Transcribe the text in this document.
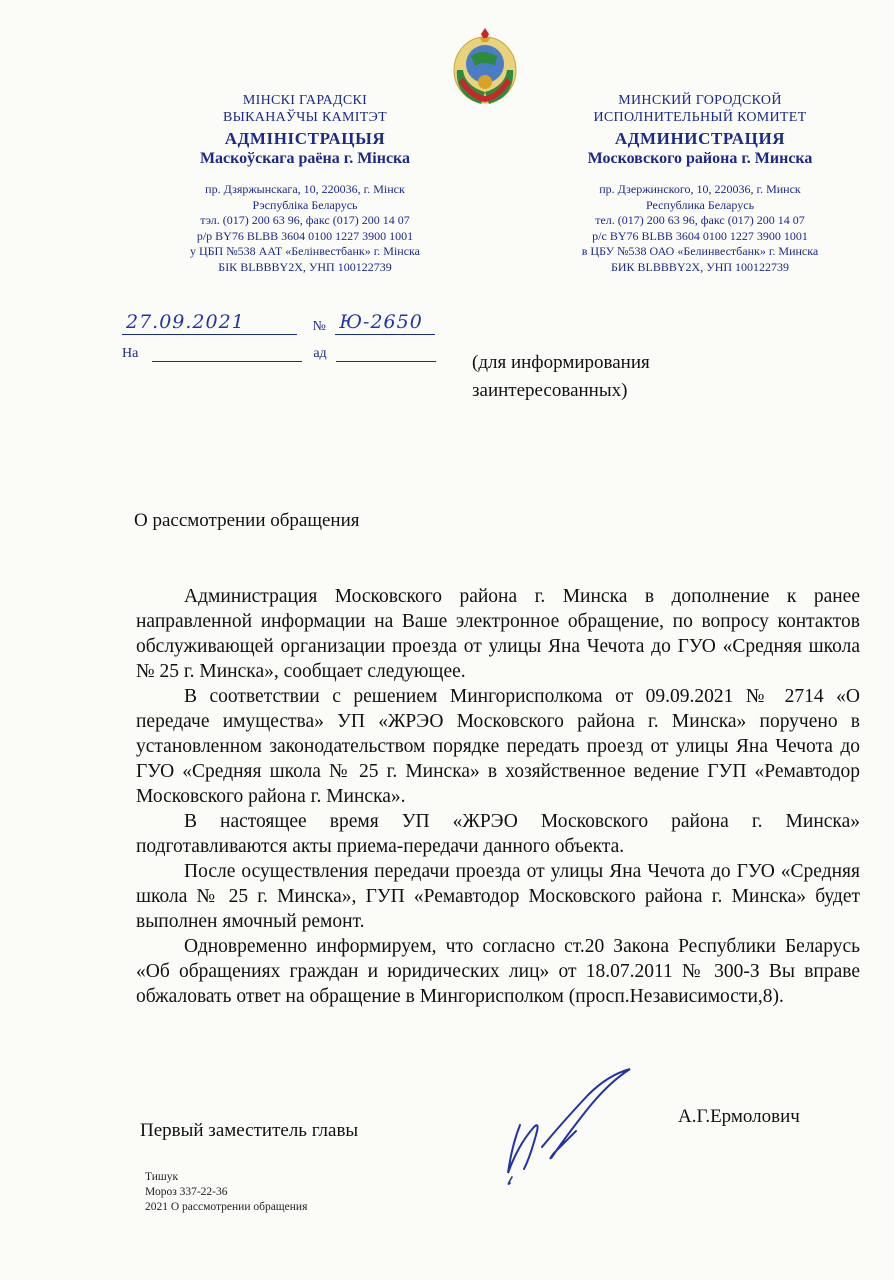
МІНСКІ ГАРАДСКІ
ВЫКАНАЎЧЫ КАМІТЭТ
АДМІНІСТРАЦЫЯ
Маскоўскага раёна г. Мінска
пр. Дзяржынскага, 10, 220036, г. Мінск
Рэспубліка Беларусь
тэл. (017) 200 63 96, факс (017) 200 14 07
р/р BY76 BLBB 3604 0100 1227 3900 1001
у ЦБП №538 ААТ «Белінвестбанк» г. Мінска
БІК BLBBBY2X, УНП 100122739
МИНСКИЙ ГОРОДСКОЙ
ИСПОЛНИТЕЛЬНЫЙ КОМИТЕТ
АДМИНИСТРАЦИЯ
Московского района г. Минска
пр. Дзержинского, 10, 220036, г. Минск
Республика Беларусь
тел. (017) 200 63 96, факс (017) 200 14 07
р/с BY76 BLBB 3604 0100 1227 3900 1001
в ЦБУ №538 ОАО «Белинвестбанк» г. Минска
БИК BLBBBY2X, УНП 100122739
27.09.2021	№ Ю-2650
На	ад	(для информирования
заинтересованных)
О рассмотрении обращения

Администрация Московского района г. Минска в дополнение к ранее направленной информации на Ваше электронное обращение, по вопросу контактов обслуживающей организации проезда от улицы Яна Чечота до ГУО «Средняя школа № 25 г. Минска», сообщает следующее.

В соответствии с решением Мингорисполкома от 09.09.2021 № 2714 «О передаче имущества» УП «ЖРЭО Московского района г. Минска» поручено в установленном законодательством порядке передать проезд от улицы Яна Чечота до ГУО «Средняя школа № 25 г. Минска» в хозяйственное ведение ГУП «Ремавтодор Московского района г. Минска».

В настоящее время УП «ЖРЭО Московского района г. Минска» подготавливаются акты приема-передачи данного объекта.

После осуществления передачи проезда от улицы Яна Чечота до ГУО «Средняя школа № 25 г. Минска», ГУП «Ремавтодор Московского района г. Минска» будет выполнен ямочный ремонт.

Одновременно информируем, что согласно ст.20 Закона Республики Беларусь «Об обращениях граждан и юридических лиц» от 18.07.2011 № 300-З Вы вправе обжаловать ответ на обращение в Мингорисполком (просп.Независимости,8).

Первый заместитель главы
А.Г.Ермолович
Тишук
Мороз 337-22-36
2021 О рассмотрении обращения
